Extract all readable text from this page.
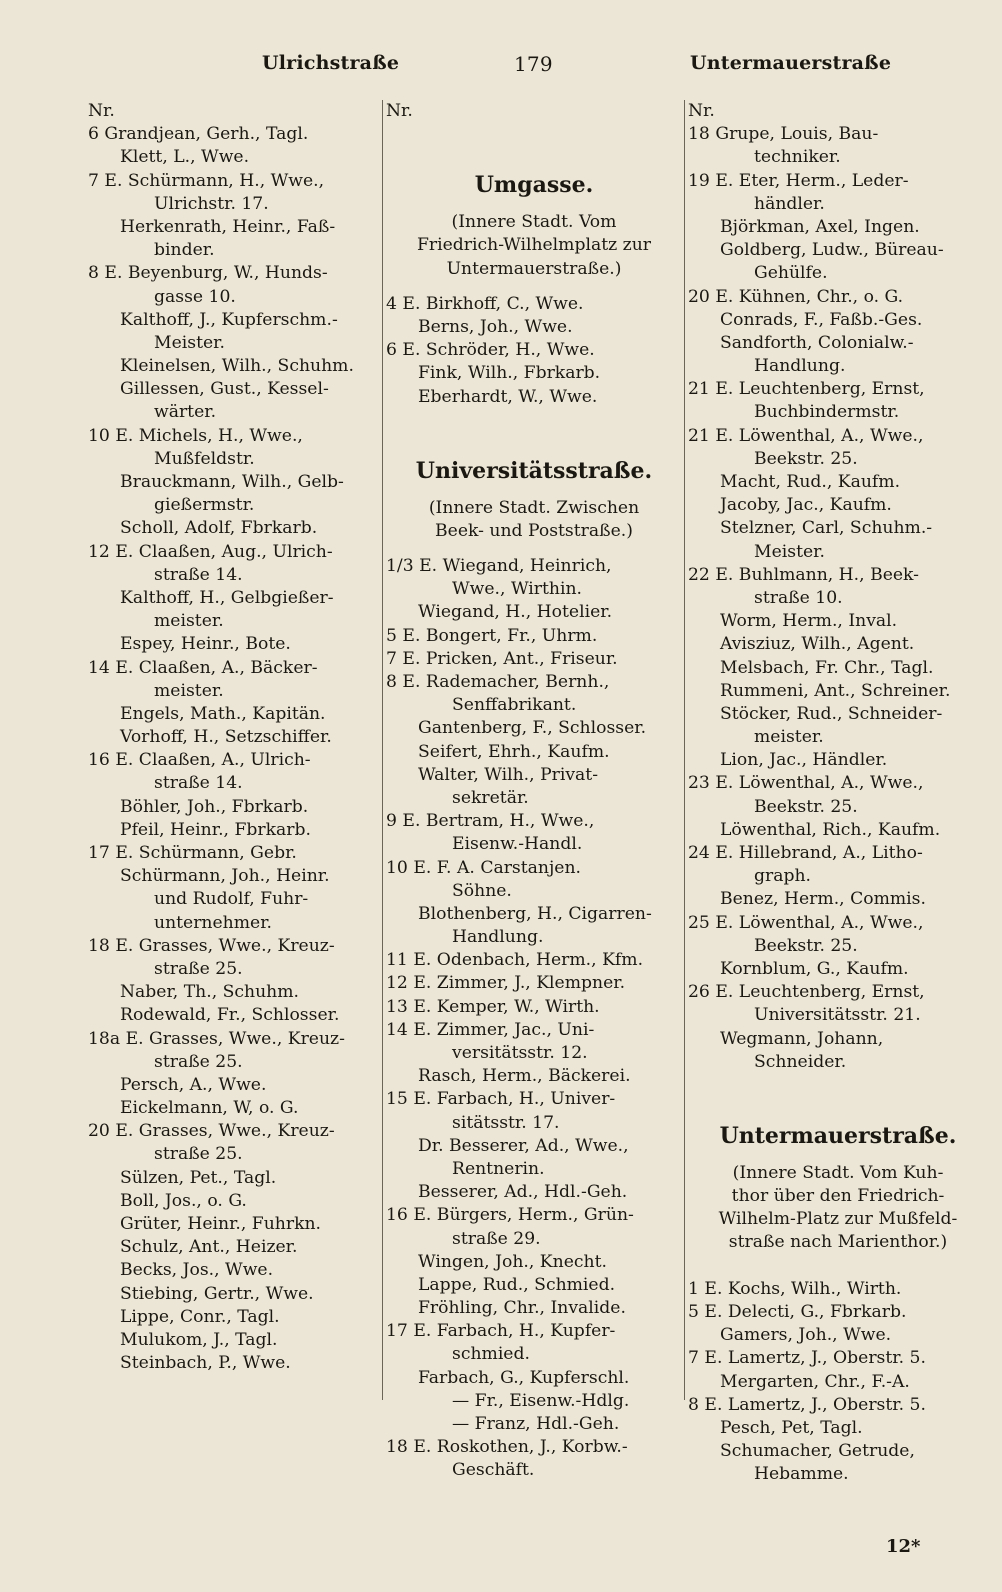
Ulrichstraße	179	Untermauerstraße
Nr.
6 Grandjean, Gerh., Tagl.
Klett, L., Wwe.
7 E. Schürmann, H., Wwe.,
Ulrichstr. 17.
Herkenrath, Heinr., Faß-
binder.
8 E. Beyenburg, W., Hunds-
gasse 10.
Kalthoff, J., Kupferschm.-
Meister.
Kleinelsen, Wilh., Schuhm.
Gillessen, Gust., Kessel-
wärter.
10 E. Michels, H., Wwe.,
Mußfeldstr.
Brauckmann, Wilh., Gelb-
gießermstr.
Scholl, Adolf, Fbrkarb.
12 E. Claaßen, Aug., Ulrich-
straße 14.
Kalthoff, H., Gelbgießer-
meister.
Espey, Heinr., Bote.
14 E. Claaßen, A., Bäcker-
meister.
Engels, Math., Kapitän.
Vorhoff, H., Setzschiffer.
16 E. Claaßen, A., Ulrich-
straße 14.
Böhler, Joh., Fbrkarb.
Pfeil, Heinr., Fbrkarb.
17 E. Schürmann, Gebr.
Schürmann, Joh., Heinr.
und Rudolf, Fuhr-
unternehmer.
18 E. Grasses, Wwe., Kreuz-
straße 25.
Naber, Th., Schuhm.
Rodewald, Fr., Schlosser.
18a E. Grasses, Wwe., Kreuz-
straße 25.
Persch, A., Wwe.
Eickelmann, W, o. G.
20 E. Grasses, Wwe., Kreuz-
straße 25.
Sülzen, Pet., Tagl.
Boll, Jos., o. G.
Grüter, Heinr., Fuhrkn.
Schulz, Ant., Heizer.
Becks, Jos., Wwe.
Stiebing, Gertr., Wwe.
Lippe, Conr., Tagl.
Mulukom, J., Tagl.
Steinbach, P., Wwe.
Nr.
Umgasse.
(Innere Stadt. Vom
Friedrich-Wilhelmplatz zur
Untermauerstraße.)
4 E. Birkhoff, C., Wwe.
Berns, Joh., Wwe.
6 E. Schröder, H., Wwe.
Fink, Wilh., Fbrkarb.
Eberhardt, W., Wwe.
Universitätsstraße.
(Innere Stadt. Zwischen
Beek- und Poststraße.)
1/3 E. Wiegand, Heinrich,
Wwe., Wirthin.
Wiegand, H., Hotelier.
5 E. Bongert, Fr., Uhrm.
7 E. Pricken, Ant., Friseur.
8 E. Rademacher, Bernh.,
Senffabrikant.
Gantenberg, F., Schlosser.
Seifert, Ehrh., Kaufm.
Walter, Wilh., Privat-
sekretär.
9 E. Bertram, H., Wwe.,
Eisenw.-Handl.
10 E. F. A. Carstanjen.
Söhne.
Blothenberg, H., Cigarren-
Handlung.
11 E. Odenbach, Herm., Kfm.
12 E. Zimmer, J., Klempner.
13 E. Kemper, W., Wirth.
14 E. Zimmer, Jac., Uni-
versitätsstr. 12.
Rasch, Herm., Bäckerei.
15 E. Farbach, H., Univer-
sitätsstr. 17.
Dr. Besserer, Ad., Wwe.,
Rentnerin.
Besserer, Ad., Hdl.-Geh.
16 E. Bürgers, Herm., Grün-
straße 29.
Wingen, Joh., Knecht.
Lappe, Rud., Schmied.
Fröhling, Chr., Invalide.
17 E. Farbach, H., Kupfer-
schmied.
Farbach, G., Kupferschl.
— Fr., Eisenw.-Hdlg.
— Franz, Hdl.-Geh.
18 E. Roskothen, J., Korbw.-
Geschäft.
Nr.
18 Grupe, Louis, Bau-
techniker.
19 E. Eter, Herm., Leder-
händler.
Björkman, Axel, Ingen.
Goldberg, Ludw., Büreau-
Gehülfe.
20 E. Kühnen, Chr., o. G.
Conrads, F., Faßb.-Ges.
Sandforth, Colonialw.-
Handlung.
21 E. Leuchtenberg, Ernst,
Buchbindermstr.
21 E. Löwenthal, A., Wwe.,
Beekstr. 25.
Macht, Rud., Kaufm.
Jacoby, Jac., Kaufm.
Stelzner, Carl, Schuhm.-
Meister.
22 E. Buhlmann, H., Beek-
straße 10.
Worm, Herm., Inval.
Avisziuz, Wilh., Agent.
Melsbach, Fr. Chr., Tagl.
Rummeni, Ant., Schreiner.
Stöcker, Rud., Schneider-
meister.
Lion, Jac., Händler.
23 E. Löwenthal, A., Wwe.,
Beekstr. 25.
Löwenthal, Rich., Kaufm.
24 E. Hillebrand, A., Litho-
graph.
Benez, Herm., Commis.
25 E. Löwenthal, A., Wwe.,
Beekstr. 25.
Kornblum, G., Kaufm.
26 E. Leuchtenberg, Ernst,
Universitätsstr. 21.
Wegmann, Johann,
Schneider.
Untermauerstraße.
(Innere Stadt. Vom Kuh-
thor über den Friedrich-
Wilhelm-Platz zur Mußfeld-
straße nach Marienthor.)
1 E. Kochs, Wilh., Wirth.
5 E. Delecti, G., Fbrkarb.
Gamers, Joh., Wwe.
7 E. Lamertz, J., Oberstr. 5.
Mergarten, Chr., F.-A.
8 E. Lamertz, J., Oberstr. 5.
Pesch, Pet, Tagl.
Schumacher, Getrude,
Hebamme.
12*
